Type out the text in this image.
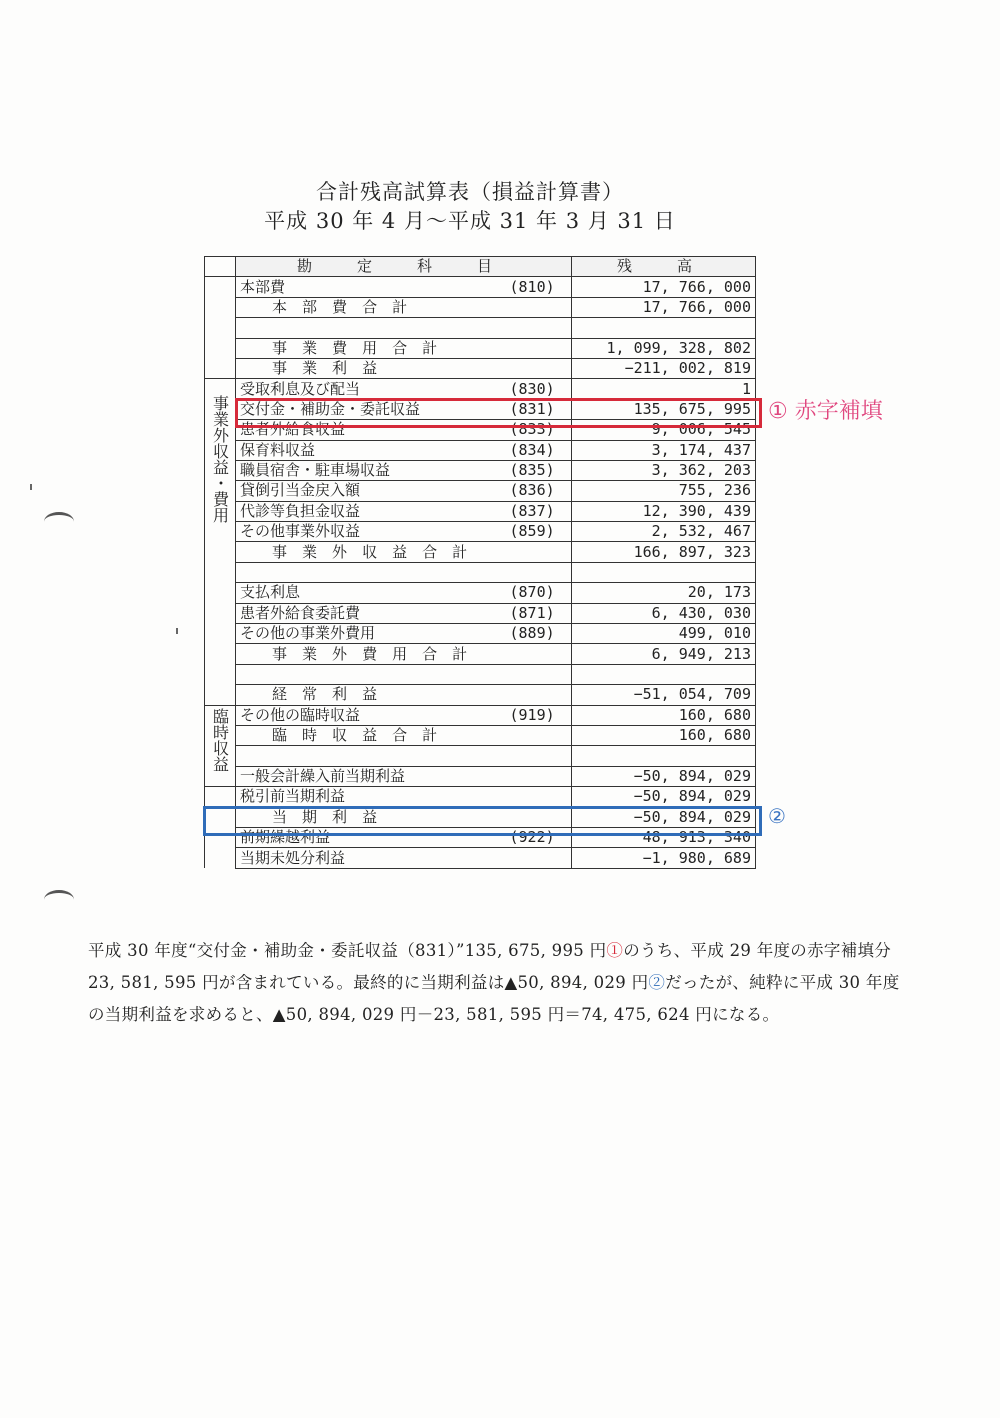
合計残高試算表（損益計算書）
平成 30 年 4 月～平成 31 年 3 月 31 日
	勘 定 科 目		残 高
	本部費	(810)	17, 766, 000
	本 部 費 合 計		17, 766, 000

	事 業 費 用 合 計		1, 099, 328, 802
	事 業 利 益		−211, 002, 819

事業外収益・費用	受取利息及び配当	(830)	1
	交付金・補助金・委託収益	(831)	135, 675, 995
	患者外給食収益	(833)	9, 006, 545
	保育料収益	(834)	3, 174, 437
	職員宿舎・駐車場収益	(835)	3, 362, 203
	貸倒引当金戻入額	(836)	755, 236
	代診等負担金収益	(837)	12, 390, 439
	その他事業外収益	(859)	2, 532, 467
	事 業 外 収 益 合 計		166, 897, 323

	支払利息	(870)	20, 173
	患者外給食委託費	(871)	6, 430, 030
	その他の事業外費用	(889)	499, 010
	事 業 外 費 用 合 計		6, 949, 213

	経 常 利 益		−51, 054, 709

臨時収益	その他の臨時収益	(919)	160, 680
	臨 時 収 益 合 計		160, 680

	一般会計繰入前当期利益		−50, 894, 029
	税引前当期利益		−50, 894, 029
	当 期 利 益		−50, 894, 029
	前期繰越利益	(922)	48, 913, 340
	当期未処分利益		−1, 980, 689
① 赤字補填
②
平成 30 年度“交付金・補助金・委託収益（831）”135, 675, 995 円①のうち、平成 29 年度の赤字補填分 23, 581, 595 円が含まれている。最終的に当期利益は▲50, 894, 029 円②だったが、純粋に平成 30 年度の当期利益を求めると、▲50, 894, 029 円－23, 581, 595 円＝74, 475, 624 円になる。
